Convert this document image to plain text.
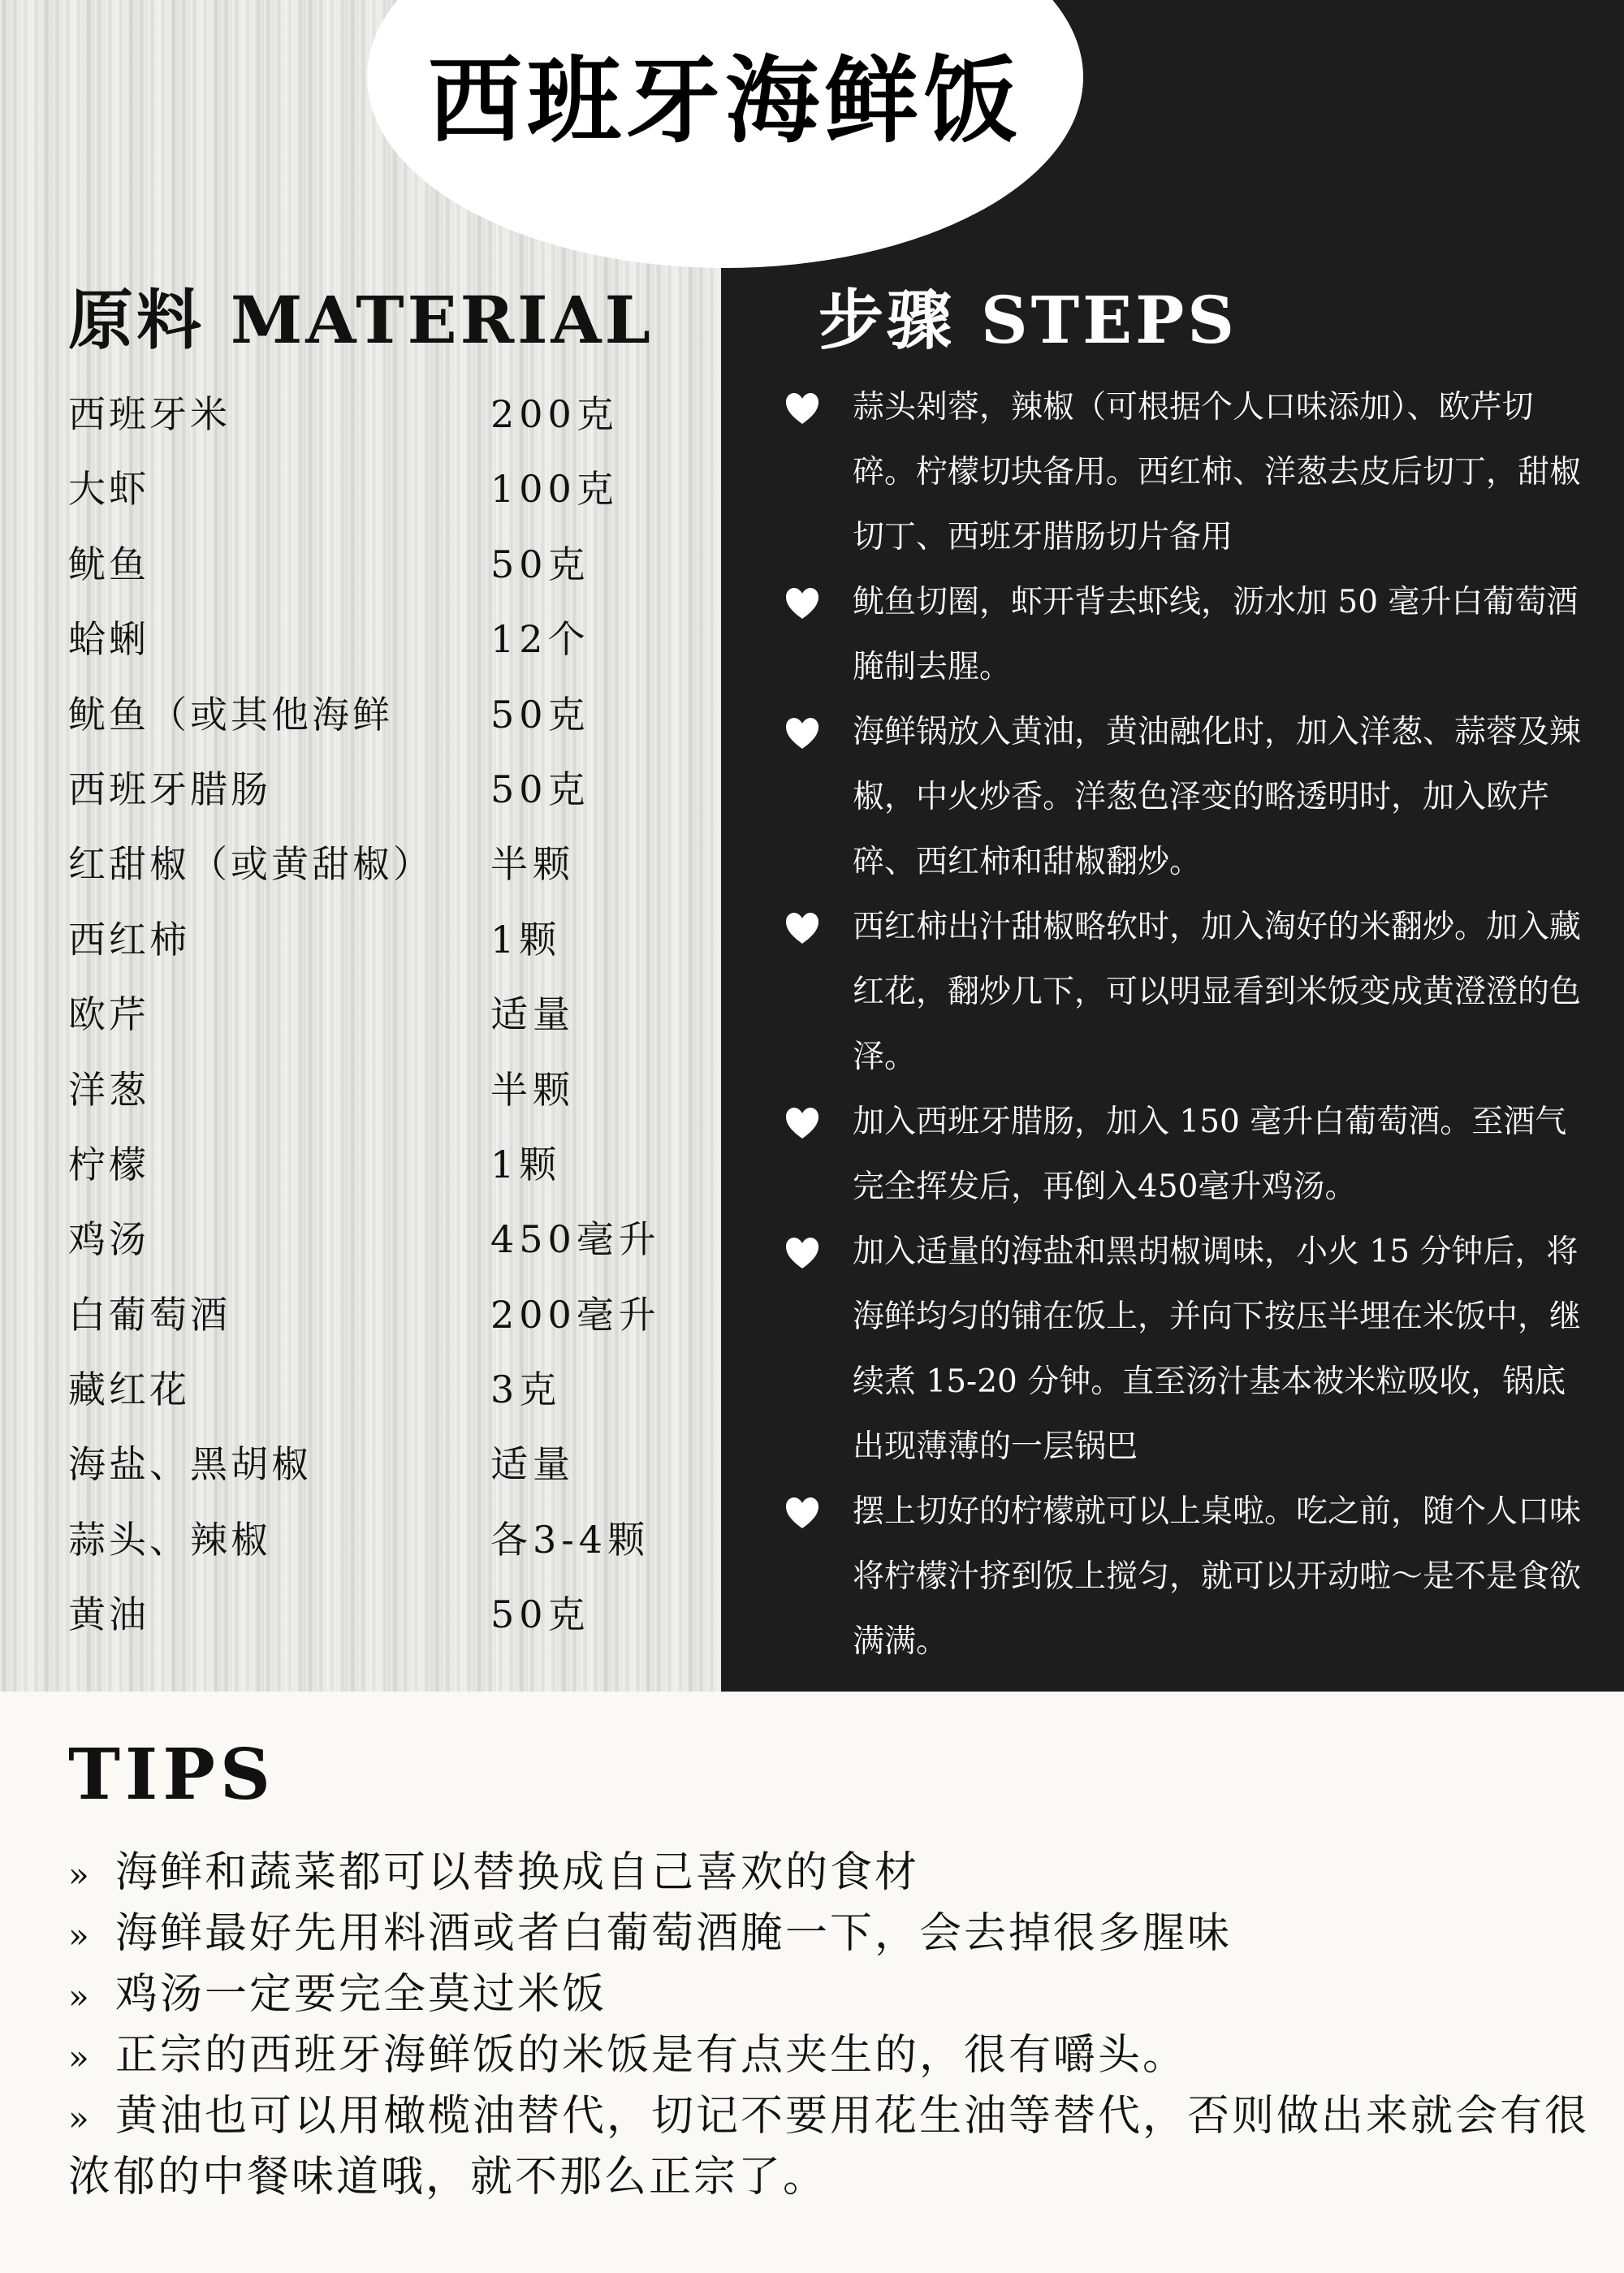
原料 MATERIAL
西班牙米	200克
大虾	100克
鱿鱼	50克
蛤蜊	12个
鱿鱼（或其他海鲜	50克
西班牙腊肠	50克
红甜椒（或黄甜椒） 半颗
西红柿	1颗
欧芹	适量
洋葱	半颗
柠檬	1颗
鸡汤	450毫升
白葡萄酒	200毫升
藏红花	3克
海盐、黑胡椒	适量
蒜头、辣椒	各3-4颗
黄油	50克
步骤 STEPS
蒜头剁蓉，辣椒（可根据个人口味添加）、欧芹切碎。柠檬切块备用。西红柿、洋葱去皮后切丁，甜椒切丁、西班牙腊肠切片备用
鱿鱼切圈，虾开背去虾线，沥水加 50 毫升白葡萄酒腌制去腥。
海鲜锅放入黄油，黄油融化时，加入洋葱、蒜蓉及辣椒，中火炒香。洋葱色泽变的略透明时，加入欧芹碎、西红柿和甜椒翻炒。
西红柿出汁甜椒略软时，加入淘好的米翻炒。加入藏红花，翻炒几下，可以明显看到米饭变成黄澄澄的色泽。
加入西班牙腊肠，加入 150 毫升白葡萄酒。至酒气完全挥发后，再倒入450毫升鸡汤。
加入适量的海盐和黑胡椒调味，小火 15 分钟后，将海鲜均匀的铺在饭上，并向下按压半埋在米饭中，继续煮 15-20 分钟。直至汤汁基本被米粒吸收，锅底出现薄薄的一层锅巴
摆上切好的柠檬就可以上桌啦。吃之前，随个人口味将柠檬汁挤到饭上搅匀，就可以开动啦～是不是食欲满满。
西班牙海鲜饭
TIPS
» 海鲜和蔬菜都可以替换成自己喜欢的食材
» 海鲜最好先用料酒或者白葡萄酒腌一下，会去掉很多腥味
» 鸡汤一定要完全莫过米饭
» 正宗的西班牙海鲜饭的米饭是有点夹生的，很有嚼头。
» 黄油也可以用橄榄油替代，切记不要用花生油等替代，否则做出来就会有很浓郁的中餐味道哦，就不那么正宗了。
